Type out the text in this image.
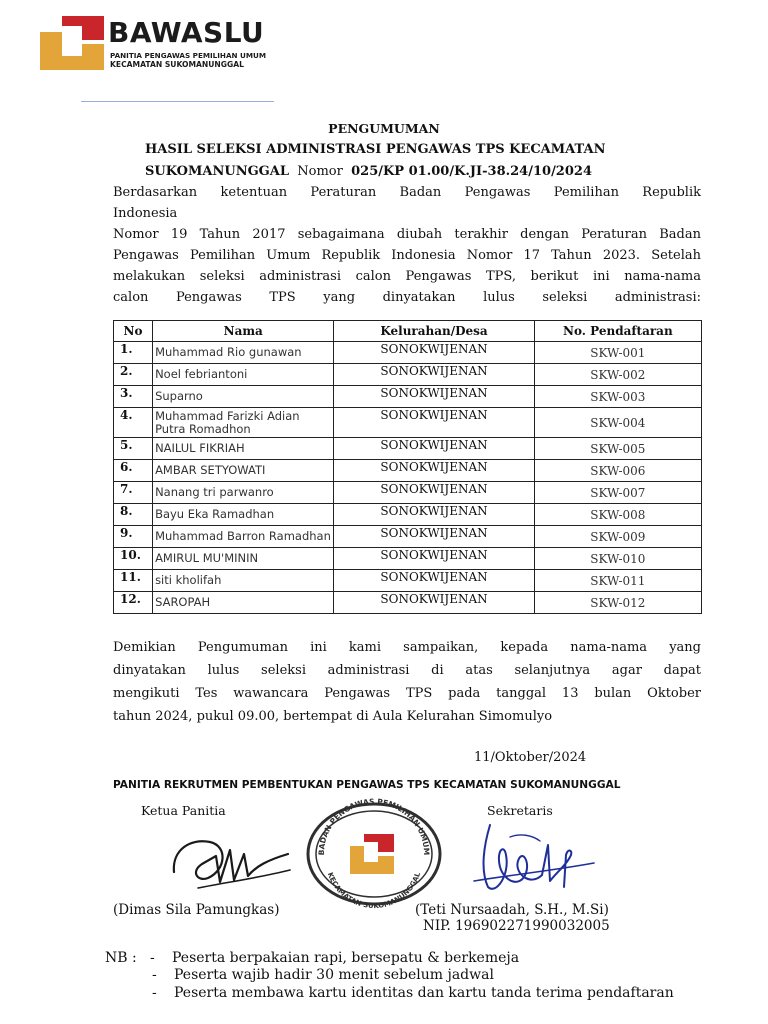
BAWASLU
PANITIA PENGAWAS PEMILIHAN UMUM
KECAMATAN SUKOMANUNGGAL
PENGUMUMAN
HASIL SELEKSI ADMINISTRASI PENGAWAS TPS KECAMATAN
SUKOMANUNGGAL Nomor 025/KP 01.00/K.JI-38.24/10/2024
Berdasarkan ketentuan Peraturan Badan Pengawas Pemilihan Republik
Indonesia
Nomor 19 Tahun 2017 sebagaimana diubah terakhir dengan Peraturan Badan
Pengawas Pemilihan Umum Republik Indonesia Nomor 17 Tahun 2023. Setelah
melakukan seleksi administrasi calon Pengawas TPS, berikut ini nama-nama
calon Pengawas TPS yang dinyatakan lulus seleksi administrasi:
No	Nama	Kelurahan/Desa	No. Pendaftaran
1.	Muhammad Rio gunawan	SONOKWIJENAN	SKW-001
2.	Noel febriantoni	SONOKWIJENAN	SKW-002
3.	Suparno	SONOKWIJENAN	SKW-003
4.	Muhammad Farizki Adian Putra Romadhon	SONOKWIJENAN	SKW-004
5.	NAILUL FIKRIAH	SONOKWIJENAN	SKW-005
6.	AMBAR SETYOWATI	SONOKWIJENAN	SKW-006
7.	Nanang tri parwanro	SONOKWIJENAN	SKW-007
8.	Bayu Eka Ramadhan	SONOKWIJENAN	SKW-008
9.	Muhammad Barron Ramadhan	SONOKWIJENAN	SKW-009
10.	AMIRUL MU'MININ	SONOKWIJENAN	SKW-010
11.	siti kholifah	SONOKWIJENAN	SKW-011
12.	SAROPAH	SONOKWIJENAN	SKW-012
Demikian Pengumuman ini kami sampaikan, kepada nama-nama yang
dinyatakan lulus seleksi administrasi di atas selanjutnya agar dapat
mengikuti Tes wawancara Pengawas TPS pada tanggal 13 bulan Oktober
tahun 2024, pukul 09.00, bertempat di Aula Kelurahan Simomulyo
11/Oktober/2024
PANITIA REKRUTMEN PEMBENTUKAN PENGAWAS TPS KECAMATAN SUKOMANUNGGAL
Ketua Panitia	Sekretaris
BADAN PENGAWAS PEMILIHAN UMUM
KECAMATAN SUKOMANUNGGAL
(Dimas Sila Pamungkas)	(Teti Nursaadah, S.H., M.Si)
NIP. 196902271990032005
NB : - Peserta berpakaian rapi, bersepatu & berkemeja
- Peserta wajib hadir 30 menit sebelum jadwal
- Peserta membawa kartu identitas dan kartu tanda terima pendaftaran
